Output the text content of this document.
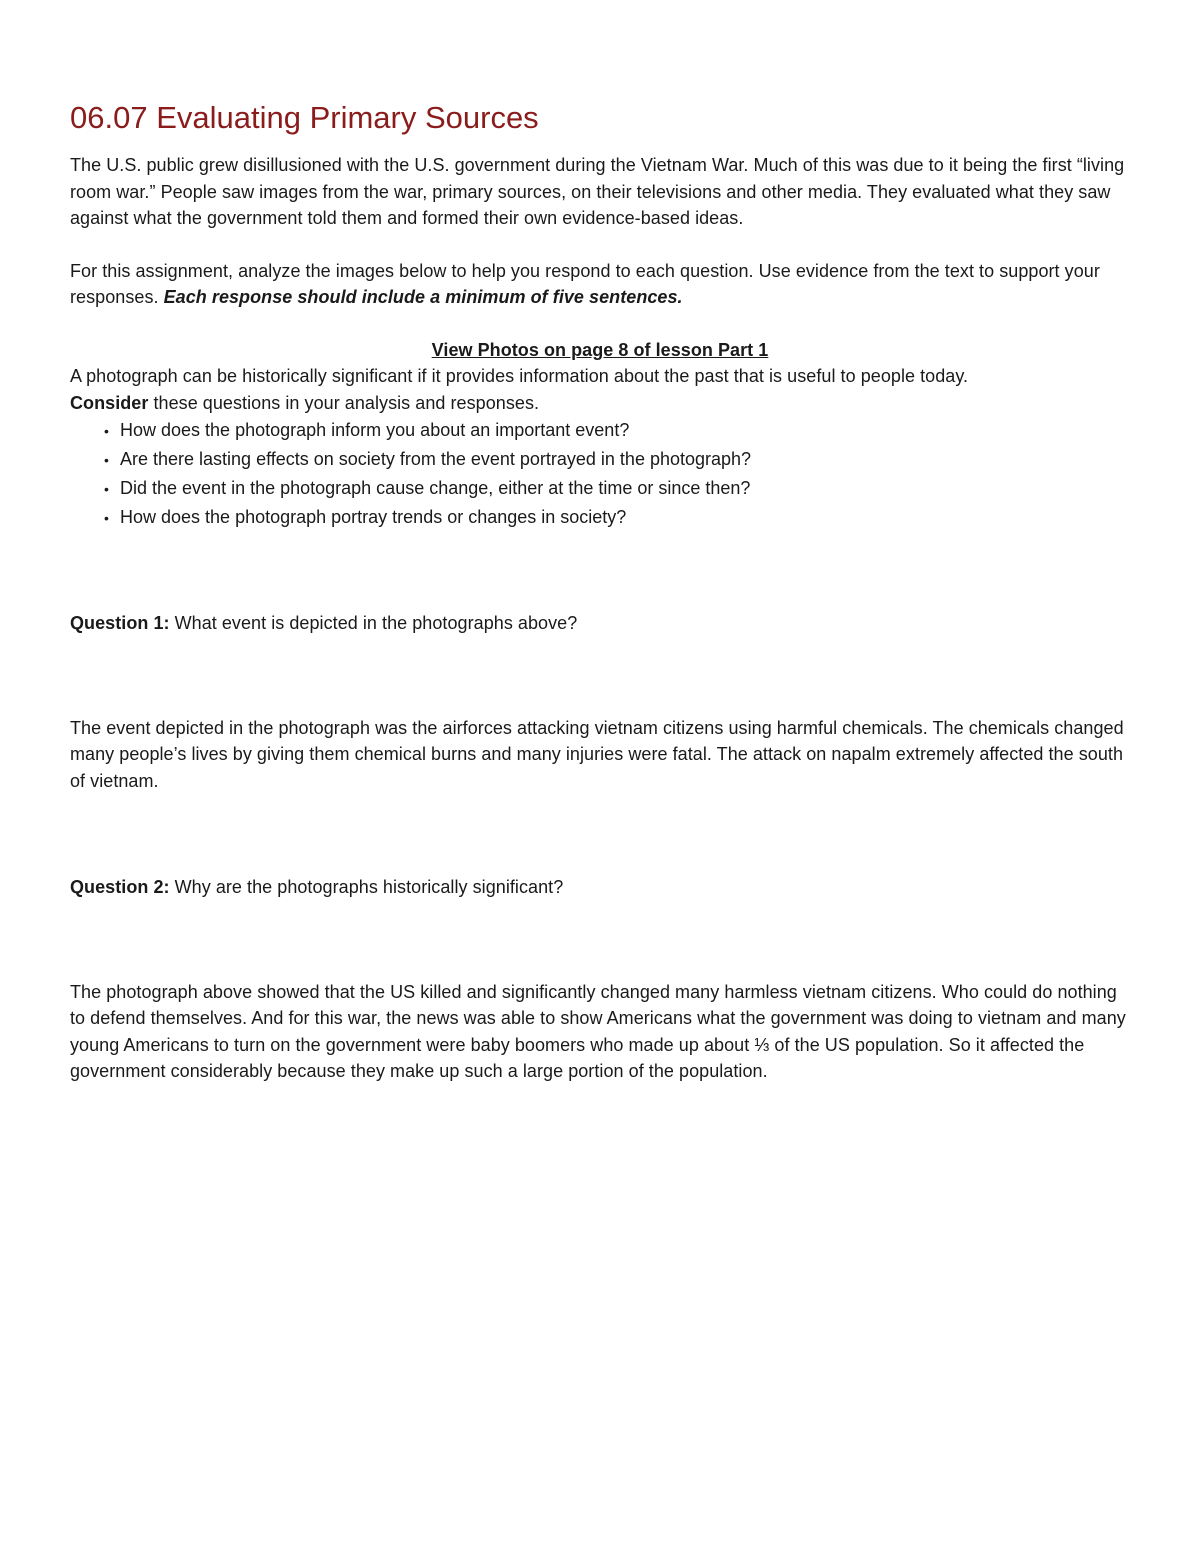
06.07 Evaluating Primary Sources

The U.S. public grew disillusioned with the U.S. government during the Vietnam War. Much of this was due to it being the first “living room war.” People saw images from the war, primary sources, on their televisions and other media. They evaluated what they saw against what the government told them and formed their own evidence-based ideas.

For this assignment, analyze the images below to help you respond to each question. Use evidence from the text to support your responses. Each response should include a minimum of five sentences.

View Photos on page 8 of lesson Part 1

A photograph can be historically significant if it provides information about the past that is useful to people today.

Consider these questions in your analysis and responses.

• How does the photograph inform you about an important event?
• Are there lasting effects on society from the event portrayed in the photograph?
• Did the event in the photograph cause change, either at the time or since then?
• How does the photograph portray trends or changes in society?

Question 1: What event is depicted in the photographs above?

The event depicted in the photograph was the airforces attacking vietnam citizens using harmful chemicals. The chemicals changed many people’s lives by giving them chemical burns and many injuries were fatal. The attack on napalm extremely affected the south of vietnam.

Question 2: Why are the photographs historically significant?

The photograph above showed that the US killed and significantly changed many harmless vietnam citizens. Who could do nothing to defend themselves. And for this war, the news was able to show Americans what the government was doing to vietnam and many young Americans to turn on the government were baby boomers who made up about ⅓ of the US population. So it affected the government considerably because they make up such a large portion of the population.
